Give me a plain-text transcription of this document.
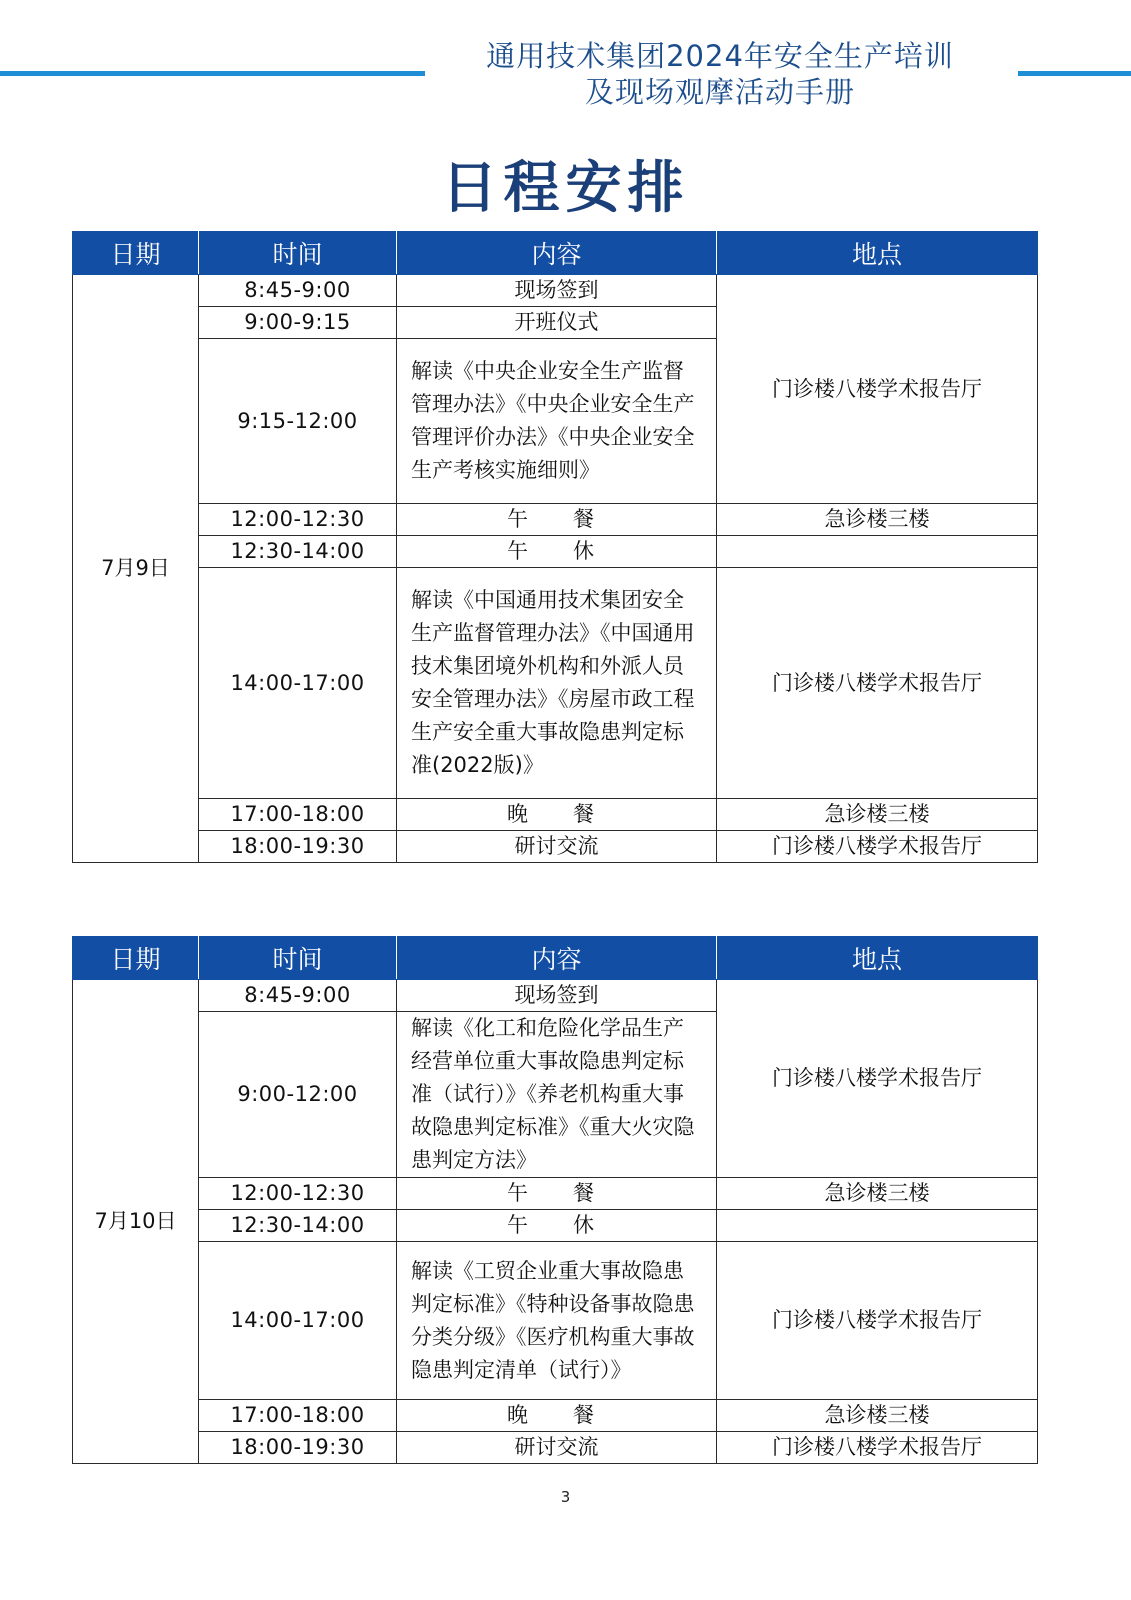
通用技术集团2024年安全生产培训
及现场观摩活动手册
日程安排
日期	时间	内容	地点
7月9日	8:45-9:00	现场签到	门诊楼八楼学术报告厅
	9:00-9:15	开班仪式	
	9:15-12:00	解读《中央企业安全生产监督管理办法》《中央企业安全生产管理评价办法》《中央企业安全生产考核实施细则》	
	12:00-12:30	午　餐	急诊楼三楼
	12:30-14:00	午　休	
	14:00-17:00	解读《中国通用技术集团安全生产监督管理办法》《中国通用技术集团境外机构和外派人员安全管理办法》《房屋市政工程生产安全重大事故隐患判定标准(2022版)》	门诊楼八楼学术报告厅
	17:00-18:00	晚　餐	急诊楼三楼
	18:00-19:30	研讨交流	门诊楼八楼学术报告厅
日期	时间	内容	地点
7月10日	8:45-9:00	现场签到	门诊楼八楼学术报告厅
	9:00-12:00	解读《化工和危险化学品生产经营单位重大事故隐患判定标准（试行）》《养老机构重大事故隐患判定标准》《重大火灾隐患判定方法》	
	12:00-12:30	午　餐	急诊楼三楼
	12:30-14:00	午　休	
	14:00-17:00	解读《工贸企业重大事故隐患判定标准》《特种设备事故隐患分类分级》《医疗机构重大事故隐患判定清单（试行）》	门诊楼八楼学术报告厅
	17:00-18:00	晚　餐	急诊楼三楼
	18:00-19:30	研讨交流	门诊楼八楼学术报告厅
3
